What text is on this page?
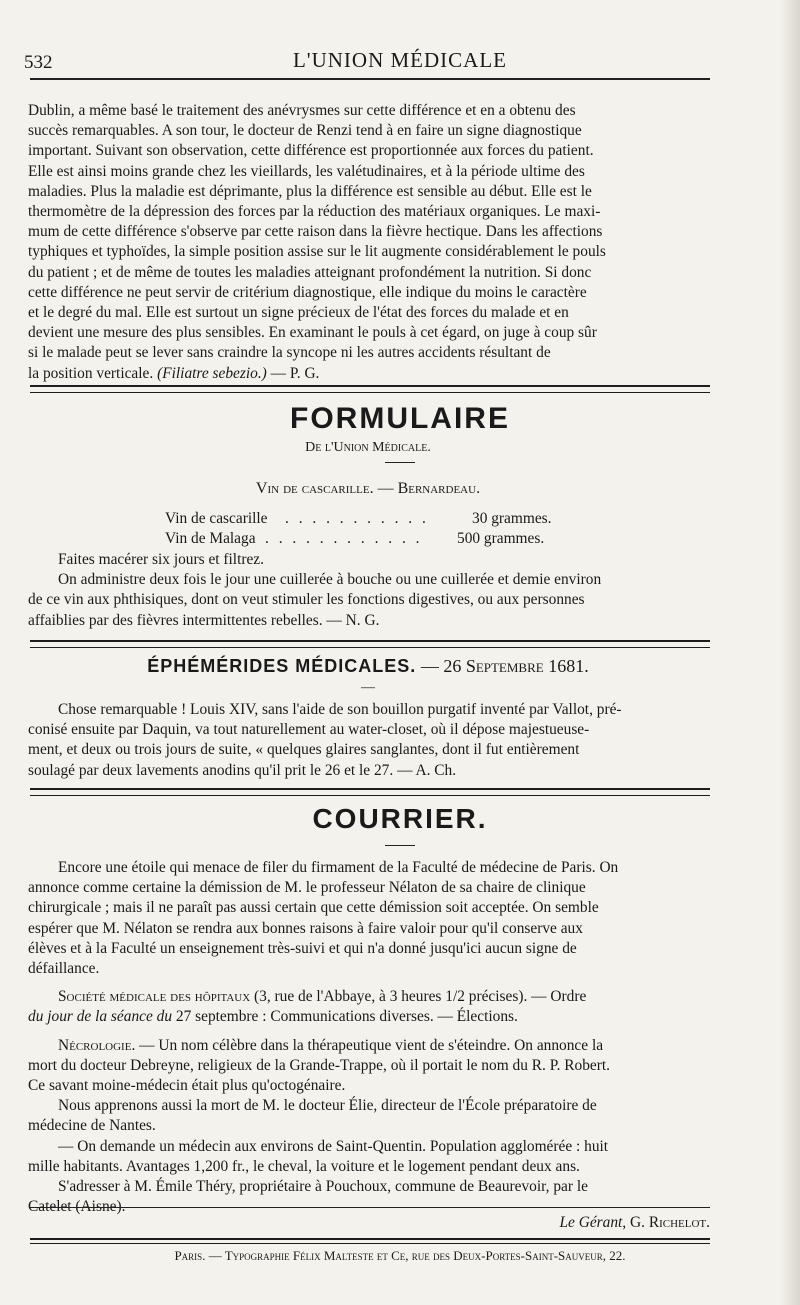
532	L'UNION MÉDICALE

Dublin, a même basé le traitement des anévrysmes sur cette différence et en a obtenu des

succès remarquables. A son tour, le docteur de Renzi tend à en faire un signe diagnostique

important. Suivant son observation, cette différence est proportionnée aux forces du patient.

Elle est ainsi moins grande chez les vieillards, les valétudinaires, et à la période ultime des

maladies. Plus la maladie est déprimante, plus la différence est sensible au début. Elle est le

thermomètre de la dépression des forces par la réduction des matériaux organiques. Le maxi-

mum de cette différence s'observe par cette raison dans la fièvre hectique. Dans les affections

typhiques et typhoïdes, la simple position assise sur le lit augmente considérablement le pouls

du patient ; et de même de toutes les maladies atteignant profondément la nutrition. Si donc

cette différence ne peut servir de critérium diagnostique, elle indique du moins le caractère

et le degré du mal. Elle est surtout un signe précieux de l'état des forces du malade et en

devient une mesure des plus sensibles. En examinant le pouls à cet égard, on juge à coup sûr

si le malade peut se lever sans craindre la syncope ni les autres accidents résultant de

la position verticale. (Filiatre sebezio.) — P. G.

FORMULAIRE
De l'Union Médicale.
Vin de cascarille. — Bernardeau.
Vin de cascarille	. . . . . . . . . . .	30 grammes.
Vin de Malaga . . . . . . . . . . . . 500 grammes.

Faites macérer six jours et filtrez.

On administre deux fois le jour une cuillerée à bouche ou une cuillerée et demie environ

de ce vin aux phthisiques, dont on veut stimuler les fonctions digestives, ou aux personnes

affaiblies par des fièvres intermittentes rebelles. — N. G.

ÉPHÉMÉRIDES MÉDICALES. — 26 Septembre 1681.
—

Chose remarquable ! Louis XIV, sans l'aide de son bouillon purgatif inventé par Vallot, pré-

conisé ensuite par Daquin, va tout naturellement au water-closet, où il dépose majestueuse-

ment, et deux ou trois jours de suite, « quelques glaires sanglantes, dont il fut entièrement

soulagé par deux lavements anodins qu'il prit le 26 et le 27. — A. Ch.

COURRIER.

Encore une étoile qui menace de filer du firmament de la Faculté de médecine de Paris. On

annonce comme certaine la démission de M. le professeur Nélaton de sa chaire de clinique

chirurgicale ; mais il ne paraît pas aussi certain que cette démission soit acceptée. On semble

espérer que M. Nélaton se rendra aux bonnes raisons à faire valoir pour qu'il conserve aux

élèves et à la Faculté un enseignement très-suivi et qui n'a donné jusqu'ici aucun signe de

défaillance.

Société médicale des hôpitaux (3, rue de l'Abbaye, à 3 heures 1/2 précises). — Ordre

du jour de la séance du 27 septembre : Communications diverses. — Élections.

Nécrologie. — Un nom célèbre dans la thérapeutique vient de s'éteindre. On annonce la

mort du docteur Debreyne, religieux de la Grande-Trappe, où il portait le nom du R. P. Robert.

Ce savant moine-médecin était plus qu'octogénaire.

Nous apprenons aussi la mort de M. le docteur Élie, directeur de l'École préparatoire de

médecine de Nantes.

— On demande un médecin aux environs de Saint-Quentin. Population agglomérée : huit

mille habitants. Avantages 1,200 fr., le cheval, la voiture et le logement pendant deux ans.

S'adresser à M. Émile Théry, propriétaire à Pouchoux, commune de Beaurevoir, par le

Catelet (Aisne).

Le Gérant, G. Richelot.
Paris. — Typographie Félix Malteste et Ce, rue des Deux-Portes-Saint-Sauveur, 22.
